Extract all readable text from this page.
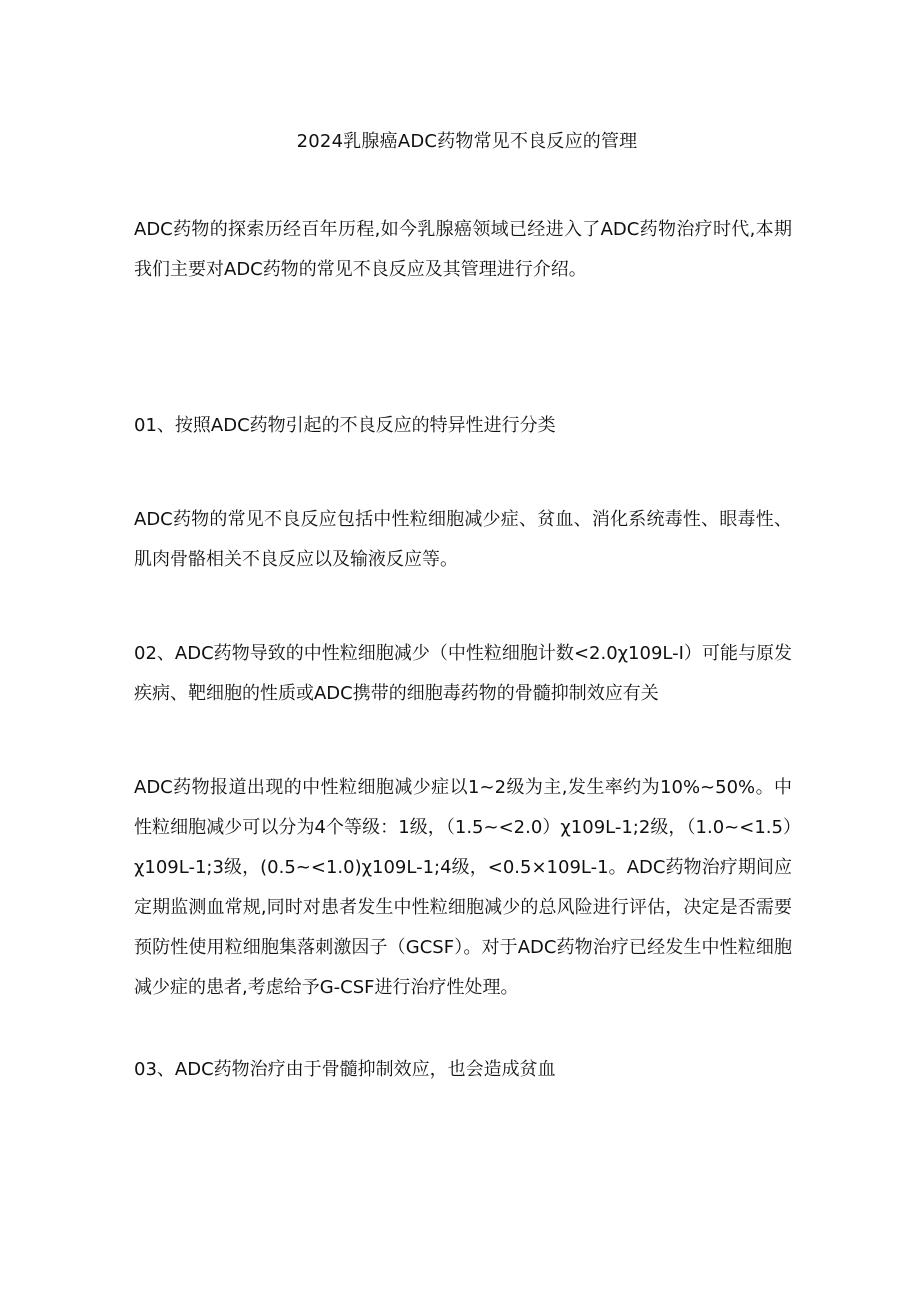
2024乳腺癌ADC药物常见不良反应的管理

ADC药物的探索历经百年历程,如今乳腺癌领域已经进入了ADC药物治疗时代,本期我们主要对ADC药物的常见不良反应及其管理进行介绍。

01、按照ADC药物引起的不良反应的特异性进行分类

ADC药物的常见不良反应包括中性粒细胞减少症、贫血、消化系统毒性、眼毒性、肌肉骨骼相关不良反应以及输液反应等。

02、ADC药物导致的中性粒细胞减少（中性粒细胞计数<2.0χ109L-I）可能与原发疾病、靶细胞的性质或ADC携带的细胞毒药物的骨髓抑制效应有关

ADC药物报道出现的中性粒细胞减少症以1~2级为主,发生率约为10%~50%。中性粒细胞减少可以分为4个等级：1级，（1.5~<2.0）χ109L-1;2级，（1.0~<1.5）χ109L-1;3级，(0.5~<1.0)χ109L-1;4级，<0.5×109L-1。ADC药物治疗期间应定期监测血常规,同时对患者发生中性粒细胞减少的总风险进行评估，决定是否需要预防性使用粒细胞集落刺激因子（GCSF）。对于ADC药物治疗已经发生中性粒细胞减少症的患者,考虑给予G-CSF进行治疗性处理。

03、ADC药物治疗由于骨髓抑制效应，也会造成贫血
